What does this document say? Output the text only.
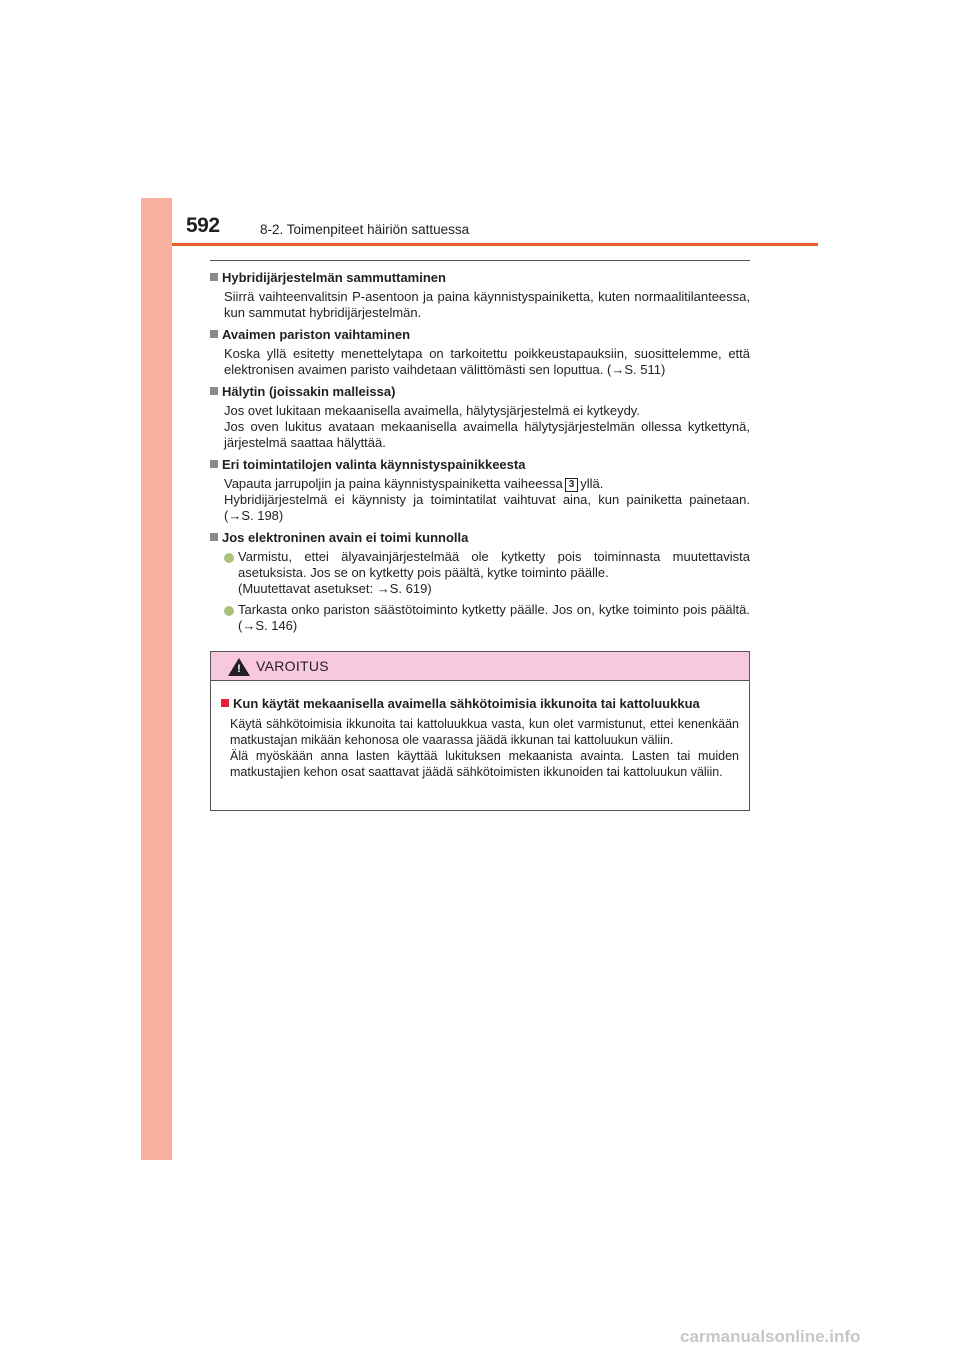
592	8-2. Toimenpiteet häiriön sattuessa
Hybridijärjestelmän sammuttaminen

Siirrä vaihteenvalitsin P-asentoon ja paina käynnistyspainiketta, kuten normaalitilanteessa, kun sammutat hybridijärjestelmän.

Avaimen pariston vaihtaminen

Koska yllä esitetty menettelytapa on tarkoitettu poikkeustapauksiin, suosittelemme, että elektronisen avaimen paristo vaihdetaan välittömästi sen loputtua. (→S. 511)

Hälytin (joissakin malleissa)

Jos ovet lukitaan mekaanisella avaimella, hälytysjärjestelmä ei kytkeydy.

Jos oven lukitus avataan mekaanisella avaimella hälytysjärjestelmän ollessa kytkettynä, järjestelmä saattaa hälyttää.

Eri toimintatilojen valinta käynnistyspainikkeesta

Vapauta jarrupoljin ja paina käynnistyspainiketta vaiheessa 3 yllä.

Hybridijärjestelmä ei käynnisty ja toimintatilat vaihtuvat aina, kun painiketta painetaan. (→S. 198)

Jos elektroninen avain ei toimi kunnolla

Varmistu, ettei älyavainjärjestelmää ole kytketty pois toiminnasta muutettavista asetuksista. Jos se on kytketty pois päältä, kytke toiminto päälle.

(Muutettavat asetukset: →S. 619)

Tarkasta onko pariston säästötoiminto kytketty päälle. Jos on, kytke toiminto pois päältä. (→S. 146)

! VAROITUS
Kun käytät mekaanisella avaimella sähkötoimisia ikkunoita tai kattoluukkua

Käytä sähkötoimisia ikkunoita tai kattoluukkua vasta, kun olet varmistunut, ettei kenenkään matkustajan mikään kehonosa ole vaarassa jäädä ikkunan tai kattoluukun väliin.

Älä myöskään anna lasten käyttää lukituksen mekaanista avainta. Lasten tai muiden matkustajien kehon osat saattavat jäädä sähkötoimisten ikkunoiden tai kattoluukun väliin.

carmanualsonline.info
